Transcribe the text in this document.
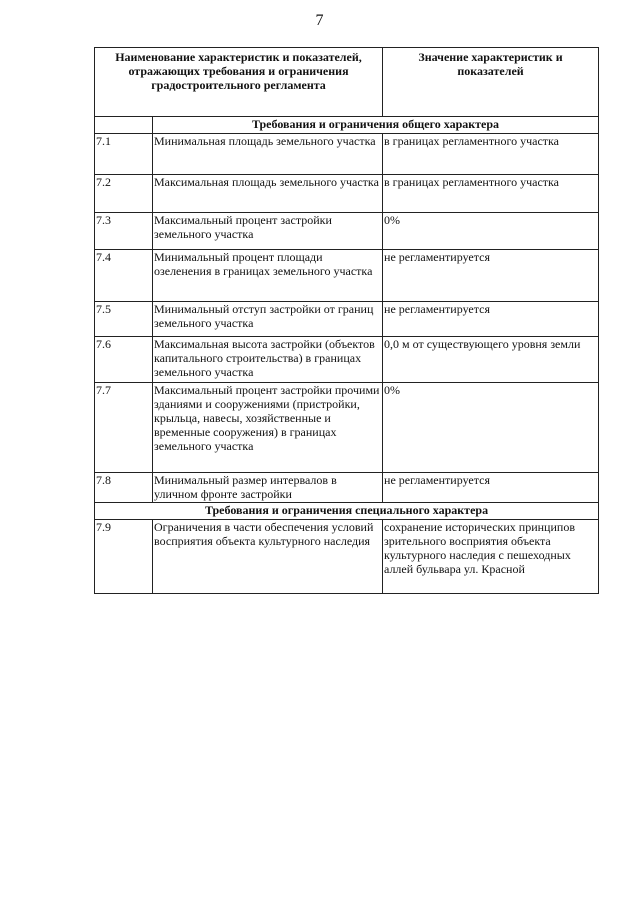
7
Наименование характеристик и показателей, отражающих требования и ограничения градостроительного регламента		Значение характеристик и показателей
	Требования и ограничения общего характера	
7.1	Минимальная площадь земельного участка	в границах регламентного участка
7.2	Максимальная площадь земельного участка	в границах регламентного участка
7.3	Максимальный процент застройки земельного участка	0%
7.4	Минимальный процент площади озеленения в границах земельного участка	не регламентируется
7.5	Минимальный отступ застройки от границ земельного участка	не регламентируется
7.6	Максимальная высота застройки (объектов капитального строительства) в границах земельного участка	0,0 м от существующего уровня земли
7.7	Максимальный процент застройки прочими зданиями и сооружениями (пристройки, крыльца, навесы, хозяйственные и временные сооружения) в границах земельного участка	0%
7.8	Минимальный размер интервалов в уличном фронте застройки	не регламентируется
Требования и ограничения специального характера		
7.9	Ограничения в части обеспечения условий восприятия объекта культурного наследия	сохранение исторических принципов зрительного восприятия объекта культурного наследия с пешеходных аллей бульвара ул. Красной
